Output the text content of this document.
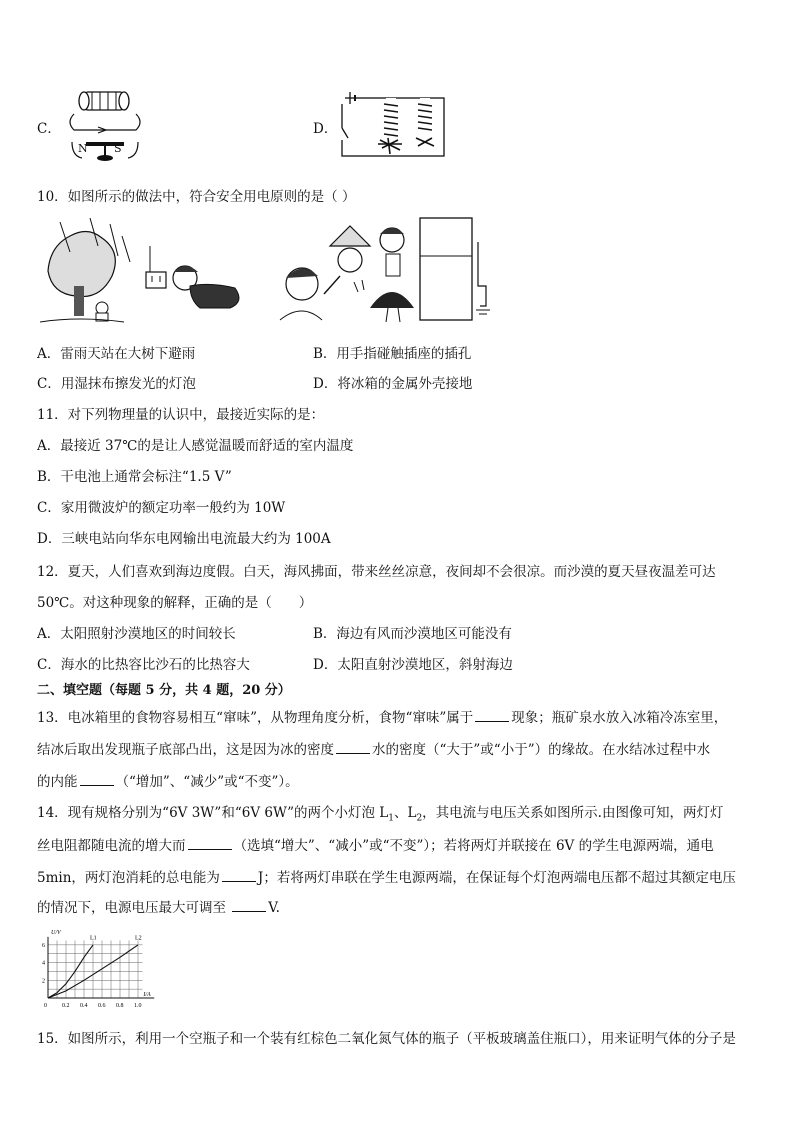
C．
N S
D．
10．如图所示的做法中，符合安全用电原则的是（ ）
A．雷雨天站在大树下避雨	B．用手指碰触插座的插孔
C．用湿抹布擦发光的灯泡	D．将冰箱的金属外壳接地
11．对下列物理量的认识中，最接近实际的是：
A．最接近 37℃的是让人感觉温暖而舒适的室内温度
B．干电池上通常会标注“1.5 V”
C．家用微波炉的额定功率一般约为 10W
D．三峡电站向华东电网输出电流最大约为 100A
12．夏天，人们喜欢到海边度假。白天，海风拂面，带来丝丝凉意，夜间却不会很凉。而沙漠的夏天昼夜温差可达
50℃。对这种现象的解释，正确的是（　　）
A．太阳照射沙漠地区的时间较长	B．海边有风而沙漠地区可能没有
C．海水的比热容比沙石的比热容大	D．太阳直射沙漠地区，斜射海边
二、填空题（每题 5 分，共 4 题，20 分）
13．电冰箱里的食物容易相互“窜味”，从物理角度分析，食物“窜味”属于	现象；瓶矿泉水放入冰箱冷冻室里，
结冰后取出发现瓶子底部凸出，这是因为冰的密度	水的密度（“大于”或“小于”）的缘故。在水结冰过程中水
的内能	（“增加”、“减少”或“不变”）。
14．现有规格分别为“6V 3W”和“6V 6W”的两个小灯泡 $L_1$、$L_2$，其电流与电压关系如图所示.由图像可知，两灯灯
丝电阻都随电流的增大而	（选填“增大”、“减小”或“不变”）；若将两灯并联接在 6V 的学生电源两端，通电
5min，两灯泡消耗的总电能为	J；若将两灯串联在学生电源两端，在保证每个灯泡两端电压都不超过其额定电压
的情况下，电源电压最大可调至	V.
L1	L2
0	0.2 0.4 0.6 0.8 1.0
2
4
6
U/V
I/A
15．如图所示，利用一个空瓶子和一个装有红棕色二氧化氮气体的瓶子（平板玻璃盖住瓶口），用来证明气体的分子是
